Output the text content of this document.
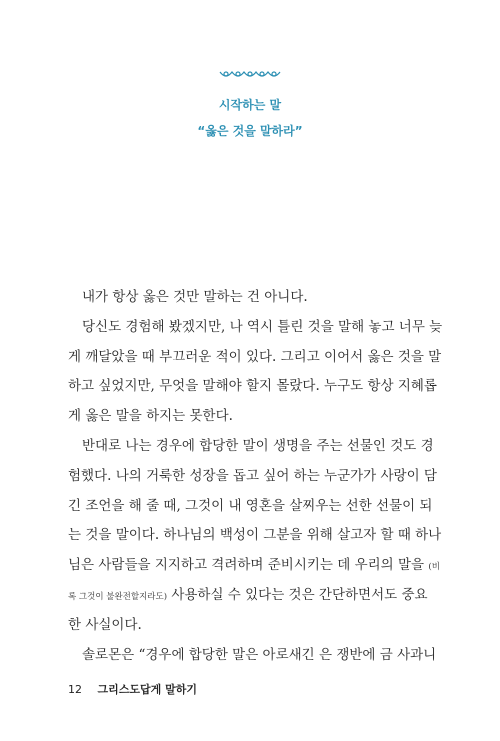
시작하는 말
“옳은 것을 말하라”
내가 항상 옳은 것만 말하는 건 아니다.
당신도 경험해 봤겠지만, 나 역시 틀린 것을 말해 놓고 너무 늦
게 깨달았을 때 부끄러운 적이 있다. 그리고 이어서 옳은 것을 말
하고 싶었지만, 무엇을 말해야 할지 몰랐다. 누구도 항상 지혜롭
게 옳은 말을 하지는 못한다.
반대로 나는 경우에 합당한 말이 생명을 주는 선물인 것도 경
험했다. 나의 거룩한 성장을 돕고 싶어 하는 누군가가 사랑이 담
긴 조언을 해 줄 때, 그것이 내 영혼을 살찌우는 선한 선물이 되
는 것을 말이다. 하나님의 백성이 그분을 위해 살고자 할 때 하나
님은 사람들을 지지하고 격려하며 준비시키는 데 우리의 말을 (비
록 그것이 불완전할지라도) 사용하실 수 있다는 것은 간단하면서도 중요
한 사실이다.
솔로몬은 “경우에 합당한 말은 아로새긴 은 쟁반에 금 사과니
12 그리스도답게 말하기
